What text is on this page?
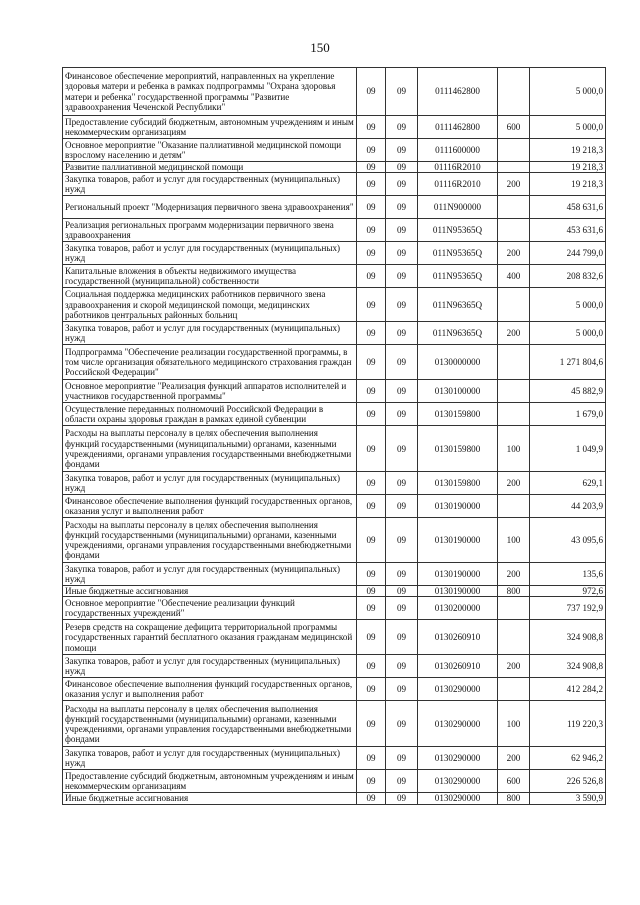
150
Финансовое обеспечение мероприятий, направленных на укрепление здоровья матери и ребенка в рамках подпрограммы "Охрана здоровья матери и ребенка" государственной программы "Развитие здравоохранения Чеченской Республики"	09	09	0111462800		5 000,0
Предоставление субсидий бюджетным, автономным учреждениям и иным некоммерческим организациям	09	09	0111462800	600	5 000,0
Основное мероприятие "Оказание паллиативной медицинской помощи взрослому населению и детям"	09	09	0111600000		19 218,3
Развитие паллиативной медицинской помощи	09	09	01116R2010		19 218,3
Закупка товаров, работ и услуг для государственных (муниципальных) нужд	09	09	01116R2010	200	19 218,3
Региональный проект "Модернизация первичного звена здравоохранения"	09	09	011N900000		458 631,6
Реализация региональных программ модернизации первичного звена здравоохранения	09	09	011N95365Q		453 631,6
Закупка товаров, работ и услуг для государственных (муниципальных) нужд	09	09	011N95365Q	200	244 799,0
Капитальные вложения в объекты недвижимого имущества государственной (муниципальной) собственности	09	09	011N95365Q	400	208 832,6
Социальная поддержка медицинских работников первичного звена здравоохранения и скорой медицинской помощи, медицинских работников центральных районных больниц	09	09	011N96365Q		5 000,0
Закупка товаров, работ и услуг для государственных (муниципальных) нужд	09	09	011N96365Q	200	5 000,0
Подпрограмма "Обеспечение реализации государственной программы, в том числе организация обязательного медицинского страхования граждан Российской Федерации"	09	09	0130000000		1 271 804,6
Основное мероприятие "Реализация функций аппаратов исполнителей и участников государственной программы"	09	09	0130100000		45 882,9
Осуществление переданных полномочий Российской Федерации в области охраны здоровья граждан в рамках единой субвенции	09	09	0130159800		1 679,0
Расходы на выплаты персоналу в целях обеспечения выполнения функций государственными (муниципальными) органами, казенными учреждениями, органами управления государственными внебюджетными фондами	09	09	0130159800	100	1 049,9
Закупка товаров, работ и услуг для государственных (муниципальных) нужд	09	09	0130159800	200	629,1
Финансовое обеспечение выполнения функций государственных органов, оказания услуг и выполнения работ	09	09	0130190000		44 203,9
Расходы на выплаты персоналу в целях обеспечения выполнения функций государственными (муниципальными) органами, казенными учреждениями, органами управления государственными внебюджетными фондами	09	09	0130190000	100	43 095,6
Закупка товаров, работ и услуг для государственных (муниципальных) нужд	09	09	0130190000	200	135,6
Иные бюджетные ассигнования	09	09	0130190000	800	972,6
Основное мероприятие "Обеспечение реализации функций государственных учреждений"	09	09	0130200000		737 192,9
Резерв средств на сокращение дефицита территориальной программы государственных гарантий бесплатного оказания гражданам медицинской помощи	09	09	0130260910		324 908,8
Закупка товаров, работ и услуг для государственных (муниципальных) нужд	09	09	0130260910	200	324 908,8
Финансовое обеспечение выполнения функций государственных органов, оказания услуг и выполнения работ	09	09	0130290000		412 284,2
Расходы на выплаты персоналу в целях обеспечения выполнения функций государственными (муниципальными) органами, казенными учреждениями, органами управления государственными внебюджетными фондами	09	09	0130290000	100	119 220,3
Закупка товаров, работ и услуг для государственных (муниципальных) нужд	09	09	0130290000	200	62 946,2
Предоставление субсидий бюджетным, автономным учреждениям и иным некоммерческим организациям	09	09	0130290000	600	226 526,8
Иные бюджетные ассигнования	09	09	0130290000	800	3 590,9
